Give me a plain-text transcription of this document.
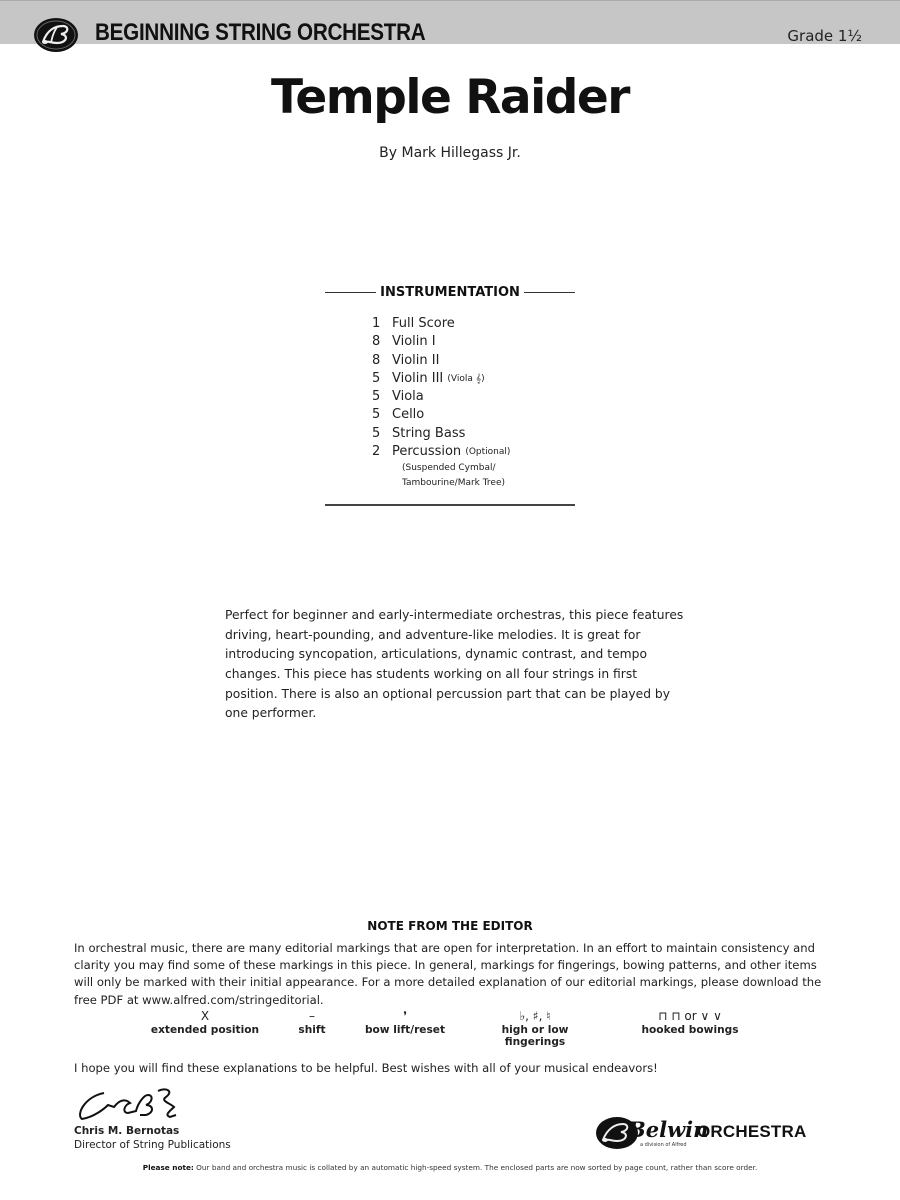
BEGINNING STRING ORCHESTRA	Grade 1½
Temple Raider
By Mark Hillegass Jr.
INSTRUMENTATION
1 Full Score
8 Violin I
8 Violin II
5 Violin III
(Viola 𝄞)
5 Viola
5 Cello
5 String Bass
2 Percussion
(Optional)
(Suspended Cymbal/
Tambourine/Mark Tree)

Perfect for beginner and early-intermediate orchestras, this piece features driving, heart-pounding, and adventure-like melodies. It is great for introducing syncopation, articulations, dynamic contrast, and tempo changes. This piece has students working on all four strings in first position. There is also an optional percussion part that can be played by one performer.

NOTE FROM THE EDITOR
In orchestral music, there are many editorial markings that are open for interpretation. In an effort to maintain consistency and clarity you may find some of these markings in this piece. In general, markings for fingerings, bowing patterns, and other items will only be marked with their initial appearance. For a more detailed explanation of our editorial markings, please download the free PDF at www.alfred.com/stringeditorial.
X
extended position
–
shift
❜
bow lift/reset
♭, ♯, ♮
high or low fingerings
⊓ ⊓ or ∨ ∨
hooked bowings
I hope you will find these explanations to be helpful. Best wishes with all of your musical endeavors!
Chris M. Bernotas
Director of String Publications
Belwin
a division of Alfred
ORCHESTRA
Please note: Our band and orchestra music is collated by an automatic high-speed system. The enclosed parts are now sorted by page count, rather than score order.
